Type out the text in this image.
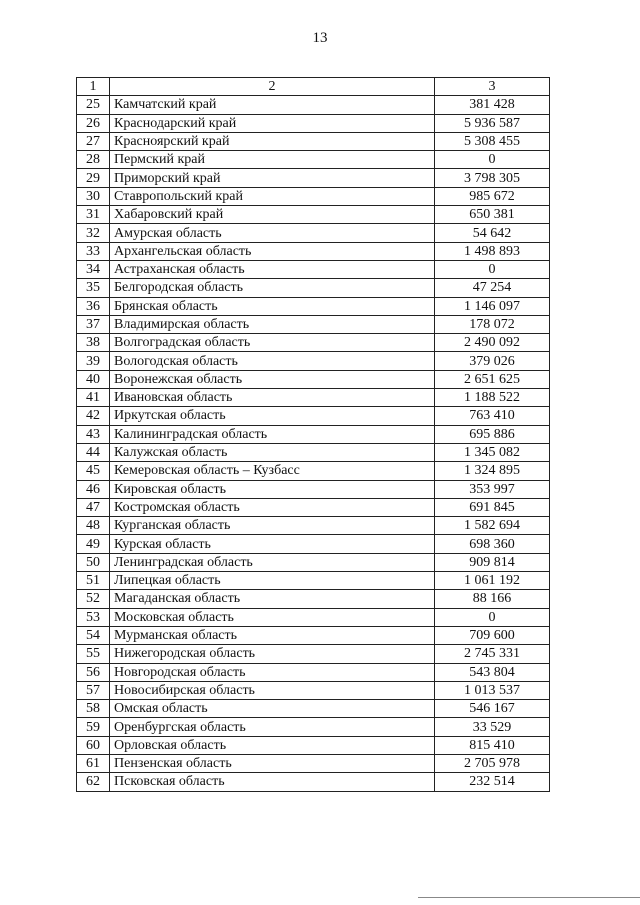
13
1	2	3
25	Камчатский край	381 428
26	Краснодарский край	5 936 587
27	Красноярский край	5 308 455
28	Пермский край	0
29	Приморский край	3 798 305
30	Ставропольский край	985 672
31	Хабаровский край	650 381
32	Амурская область	54 642
33	Архангельская область	1 498 893
34	Астраханская область	0
35	Белгородская область	47 254
36	Брянская область	1 146 097
37	Владимирская область	178 072
38	Волгоградская область	2 490 092
39	Вологодская область	379 026
40	Воронежская область	2 651 625
41	Ивановская область	1 188 522
42	Иркутская область	763 410
43	Калининградская область	695 886
44	Калужская область	1 345 082
45	Кемеровская область – Кузбасс	1 324 895
46	Кировская область	353 997
47	Костромская область	691 845
48	Курганская область	1 582 694
49	Курская область	698 360
50	Ленинградская область	909 814
51	Липецкая область	1 061 192
52	Магаданская область	88 166
53	Московская область	0
54	Мурманская область	709 600
55	Нижегородская область	2 745 331
56	Новгородская область	543 804
57	Новосибирская область	1 013 537
58	Омская область	546 167
59	Оренбургская область	33 529
60	Орловская область	815 410
61	Пензенская область	2 705 978
62	Псковская область	232 514
